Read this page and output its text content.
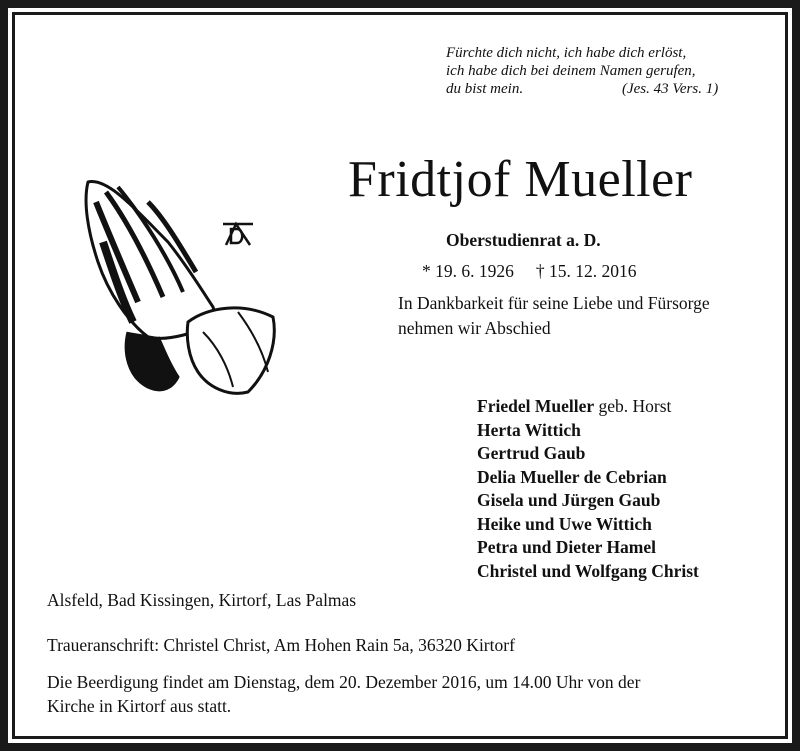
Fürchte dich nicht, ich habe dich erlöst,
ich habe dich bei deinem Namen gerufen,
du bist mein.	(Jes. 43 Vers. 1)
Fridtjof Mueller
Oberstudienrat a. D.
* 19. 6. 1926 † 15. 12. 2016
In Dankbarkeit für seine Liebe und Fürsorge
nehmen wir Abschied
Friedel Mueller geb. Horst
Herta Wittich
Gertrud Gaub
Delia Mueller de Cebrian
Gisela und Jürgen Gaub
Heike und Uwe Wittich
Petra und Dieter Hamel
Christel und Wolfgang Christ
Alsfeld, Bad Kissingen, Kirtorf, Las Palmas
Traueranschrift: Christel Christ, Am Hohen Rain 5a, 36320 Kirtorf
Die Beerdigung findet am Dienstag, dem 20. Dezember 2016, um 14.00 Uhr von der
Kirche in Kirtorf aus statt.
